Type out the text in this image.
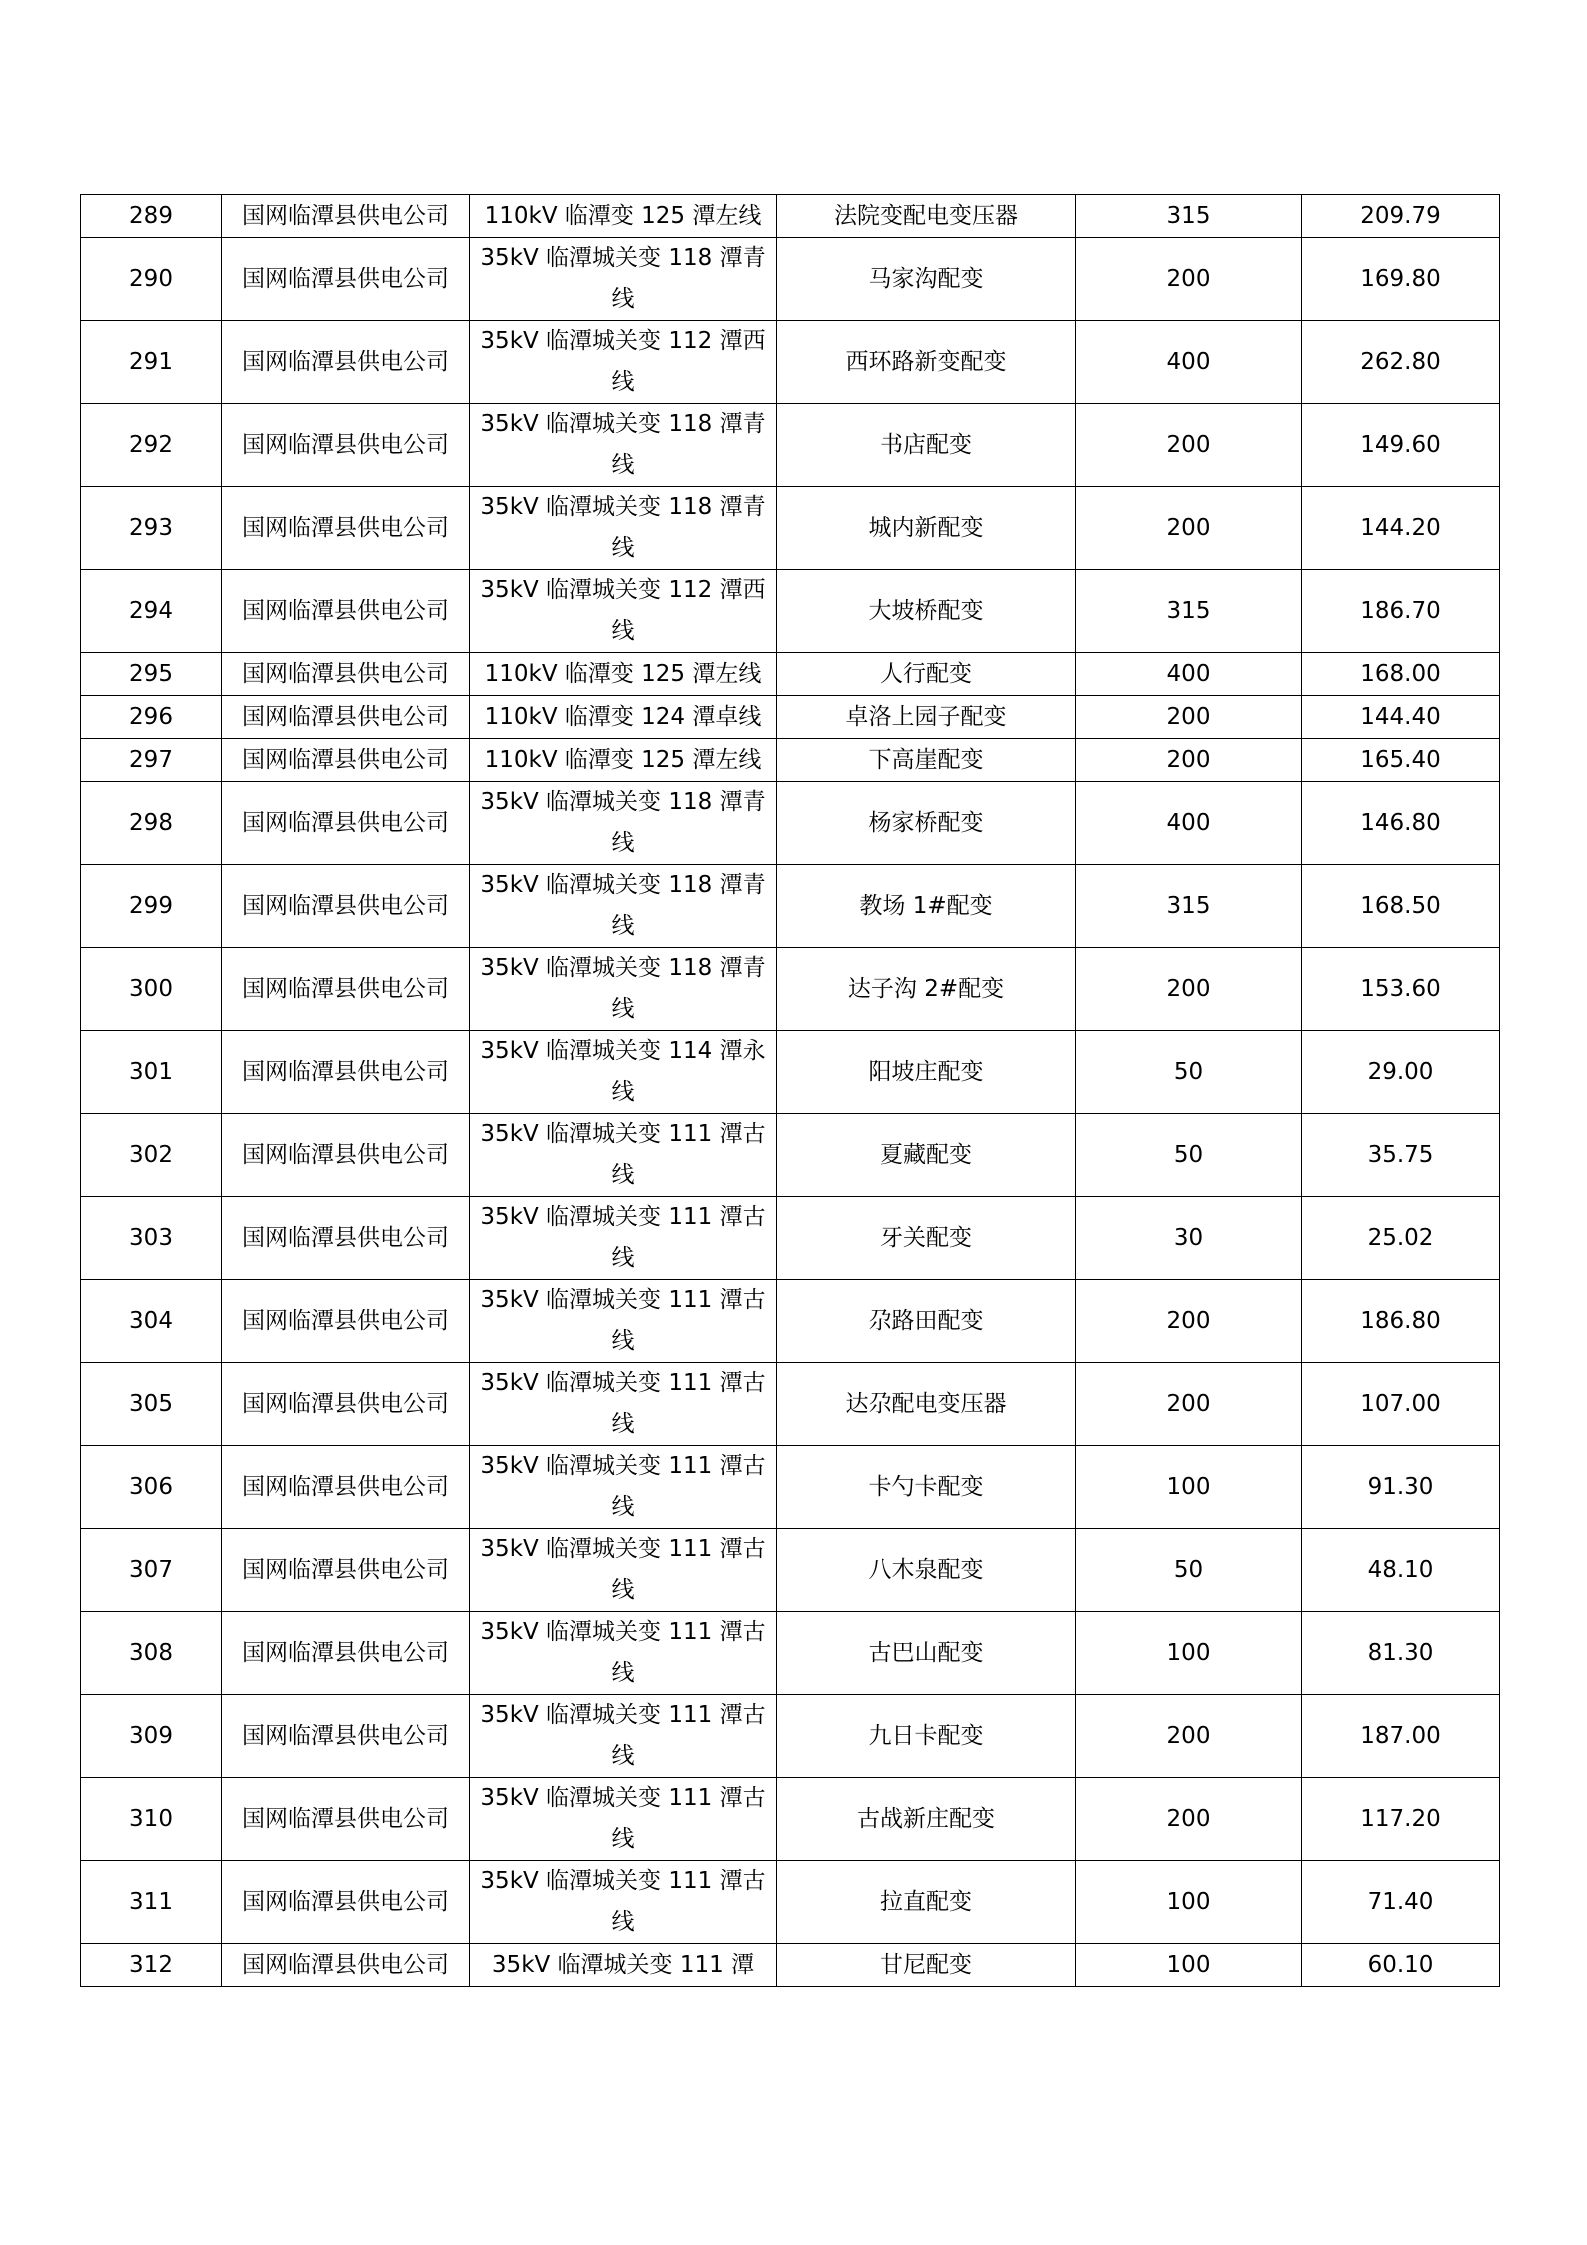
289	国网临潭县供电公司	110kV 临潭变 125 潭左线	法院变配电变压器	315	209.79
290	国网临潭县供电公司	35kV 临潭城关变 118 潭青线	马家沟配变	200	169.80
291	国网临潭县供电公司	35kV 临潭城关变 112 潭西线	西环路新变配变	400	262.80
292	国网临潭县供电公司	35kV 临潭城关变 118 潭青线	书店配变	200	149.60
293	国网临潭县供电公司	35kV 临潭城关变 118 潭青线	城内新配变	200	144.20
294	国网临潭县供电公司	35kV 临潭城关变 112 潭西线	大坡桥配变	315	186.70
295	国网临潭县供电公司	110kV 临潭变 125 潭左线	人行配变	400	168.00
296	国网临潭县供电公司	110kV 临潭变 124 潭卓线	卓洛上园子配变	200	144.40
297	国网临潭县供电公司	110kV 临潭变 125 潭左线	下高崖配变	200	165.40
298	国网临潭县供电公司	35kV 临潭城关变 118 潭青线	杨家桥配变	400	146.80
299	国网临潭县供电公司	35kV 临潭城关变 118 潭青线	教场 1#配变	315	168.50
300	国网临潭县供电公司	35kV 临潭城关变 118 潭青线	达子沟 2#配变	200	153.60
301	国网临潭县供电公司	35kV 临潭城关变 114 潭永线	阳坡庄配变	50	29.00
302	国网临潭县供电公司	35kV 临潭城关变 111 潭古线	夏藏配变	50	35.75
303	国网临潭县供电公司	35kV 临潭城关变 111 潭古线	牙关配变	30	25.02
304	国网临潭县供电公司	35kV 临潭城关变 111 潭古线	尕路田配变	200	186.80
305	国网临潭县供电公司	35kV 临潭城关变 111 潭古线	达尕配电变压器	200	107.00
306	国网临潭县供电公司	35kV 临潭城关变 111 潭古线	卡勺卡配变	100	91.30
307	国网临潭县供电公司	35kV 临潭城关变 111 潭古线	八木泉配变	50	48.10
308	国网临潭县供电公司	35kV 临潭城关变 111 潭古线	古巴山配变	100	81.30
309	国网临潭县供电公司	35kV 临潭城关变 111 潭古线	九日卡配变	200	187.00
310	国网临潭县供电公司	35kV 临潭城关变 111 潭古线	古战新庄配变	200	117.20
311	国网临潭县供电公司	35kV 临潭城关变 111 潭古线	拉直配变	100	71.40
312	国网临潭县供电公司	35kV 临潭城关变 111 潭	甘尼配变	100	60.10
